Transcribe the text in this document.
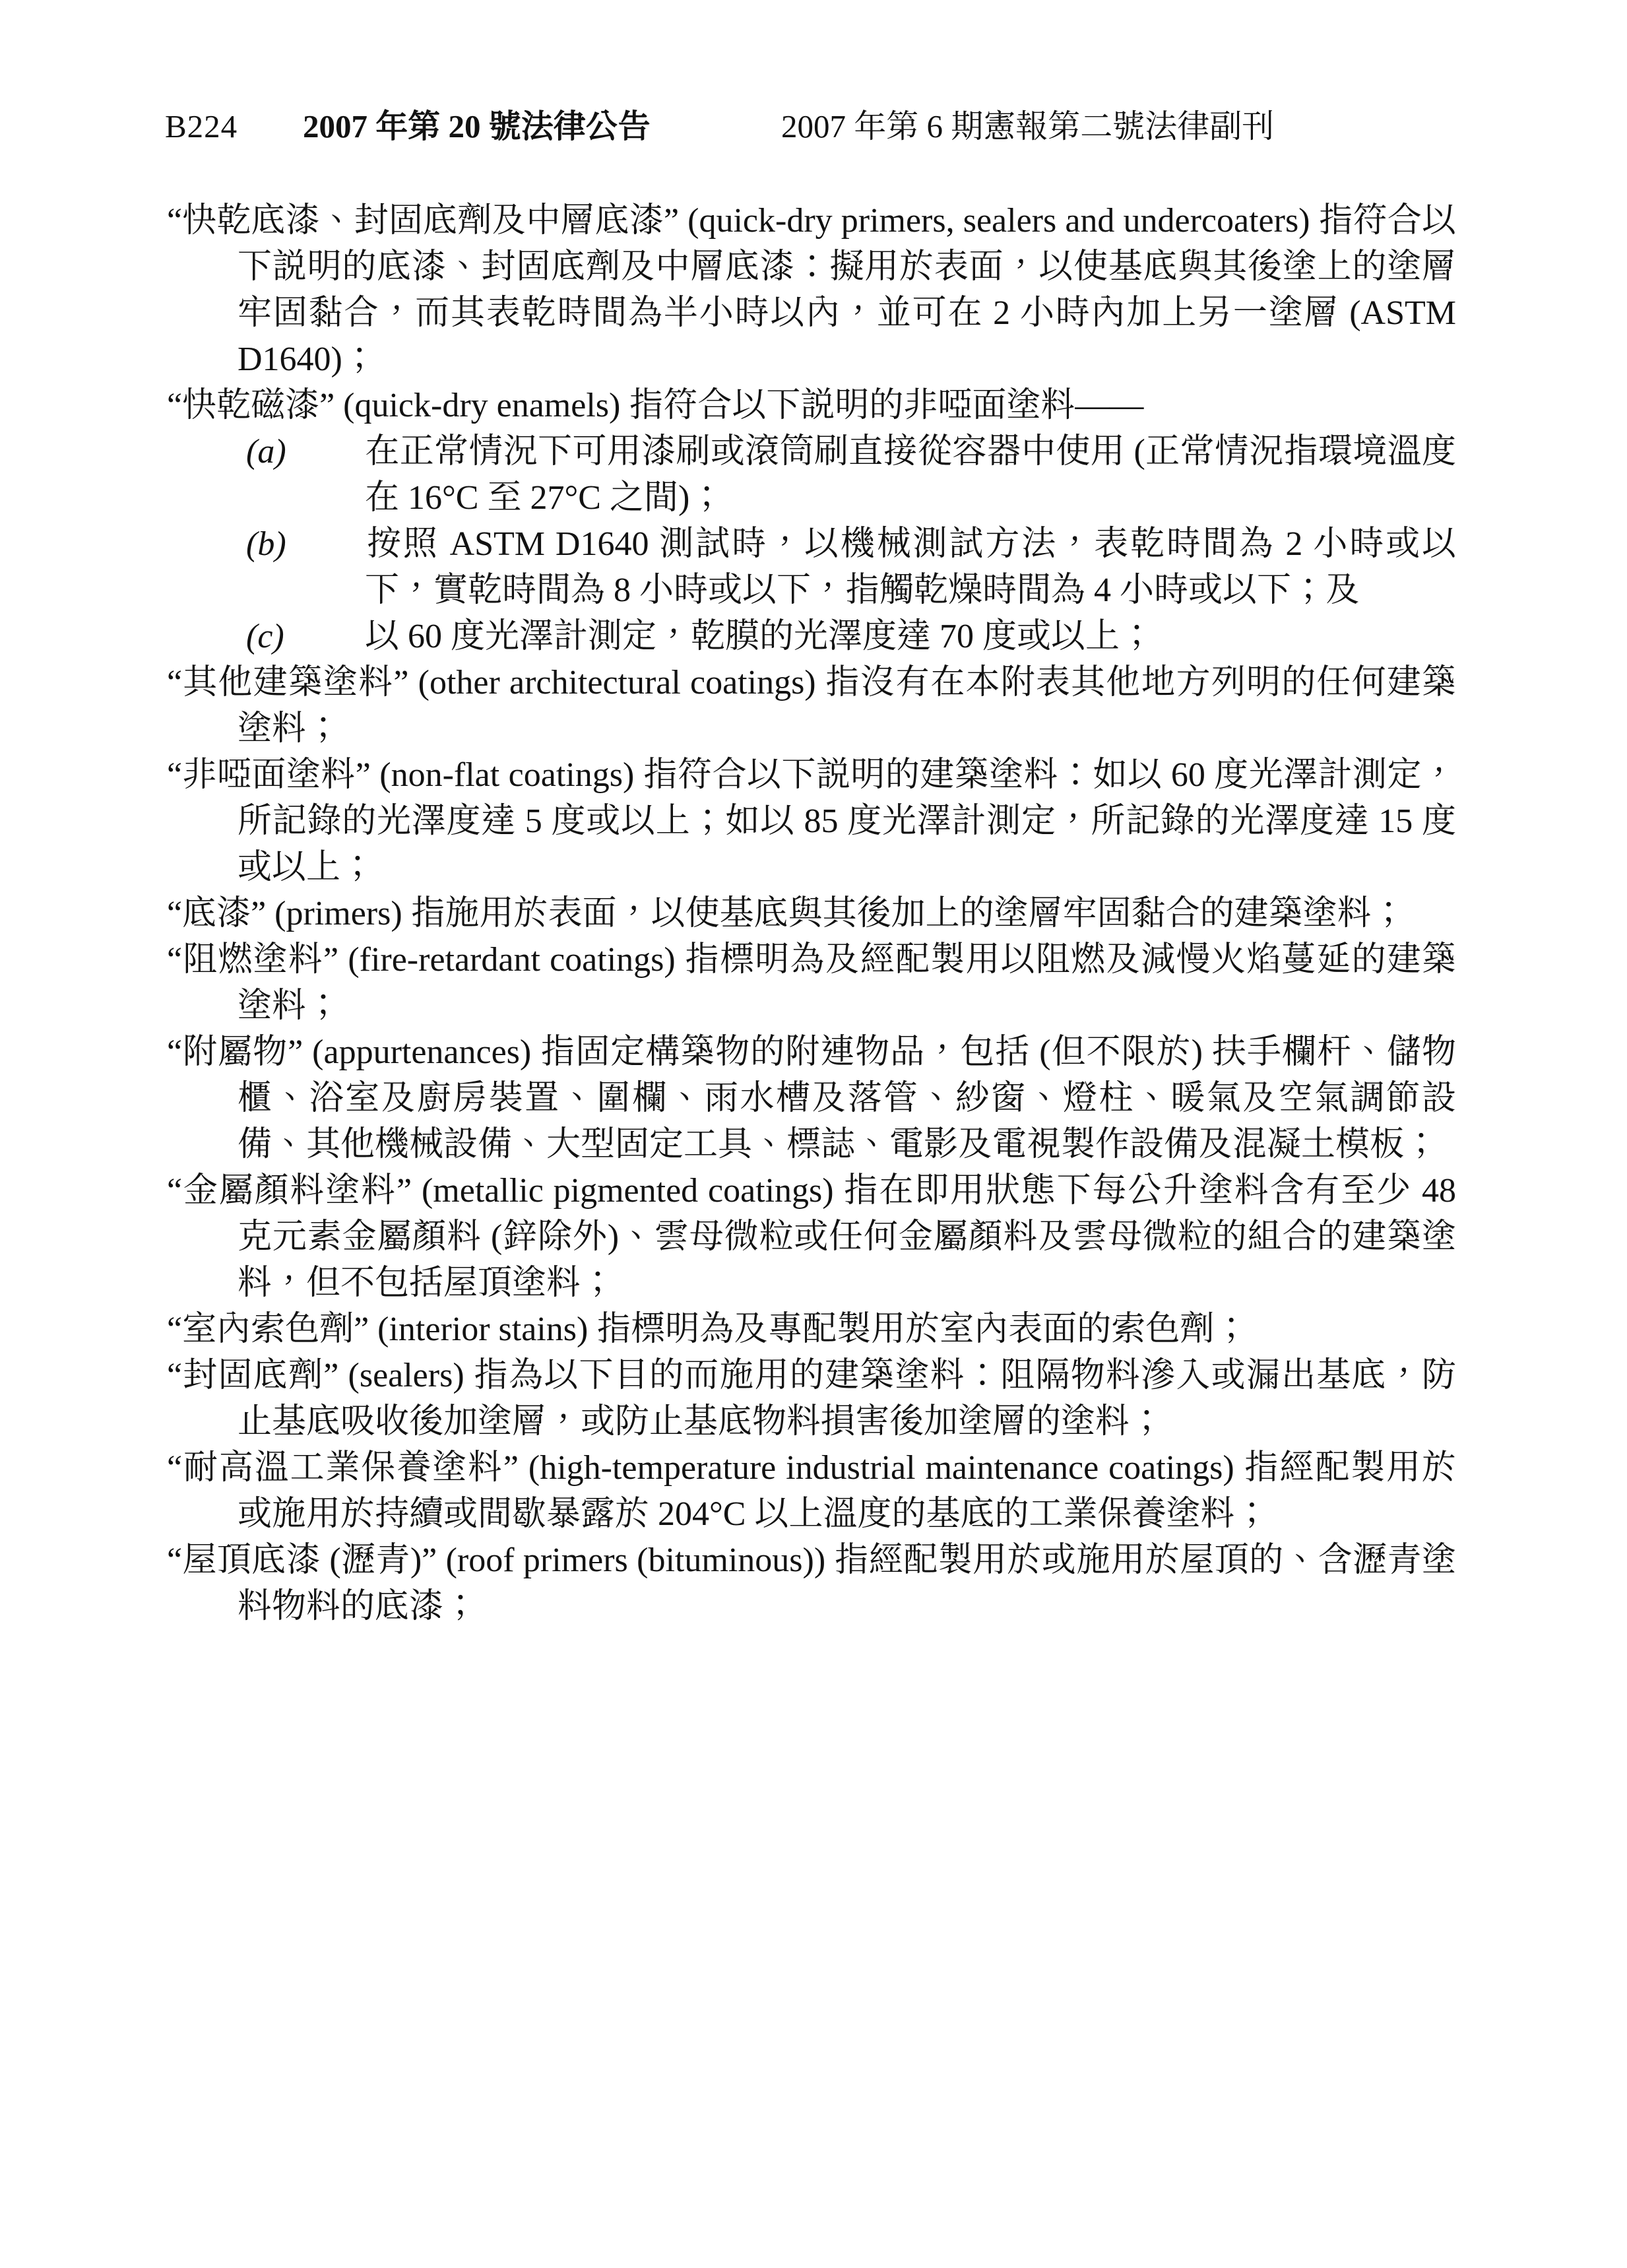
B224 2007 年第 20 號法律公告	2007 年第 6 期憲報第二號法律副刊
“快乾底漆、封固底劑及中層底漆” (quick-dry primers, sealers and undercoaters) 指符合以下説明的底漆、封固底劑及中層底漆：擬用於表面，以使基底與其後塗上的塗層牢固黏合，而其表乾時間為半小時以內，並可在 2 小時內加上另一塗層 (ASTM D1640)；
“快乾磁漆” (quick-dry enamels) 指符合以下説明的非啞面塗料——
(a) 在正常情況下可用漆刷或滾筒刷直接從容器中使用 (正常情況指環境溫度在 16°C 至 27°C 之間)；
(b) 按照 ASTM D1640 測試時，以機械測試方法，表乾時間為 2 小時或以下，實乾時間為 8 小時或以下，指觸乾燥時間為 4 小時或以下；及
(c) 以 60 度光澤計測定，乾膜的光澤度達 70 度或以上；
“其他建築塗料” (other architectural coatings) 指沒有在本附表其他地方列明的任何建築塗料；
“非啞面塗料” (non-flat coatings) 指符合以下説明的建築塗料：如以 60 度光澤計測定，所記錄的光澤度達 5 度或以上；如以 85 度光澤計測定，所記錄的光澤度達 15 度或以上；
“底漆” (primers) 指施用於表面，以使基底與其後加上的塗層牢固黏合的建築塗料；
“阻燃塗料” (fire-retardant coatings) 指標明為及經配製用以阻燃及減慢火焰蔓延的建築塗料；
“附屬物” (appurtenances) 指固定構築物的附連物品，包括 (但不限於) 扶手欄杆、儲物櫃、浴室及廚房裝置、圍欄、雨水槽及落管、紗窗、燈柱、暖氣及空氣調節設備、其他機械設備、大型固定工具、標誌、電影及電視製作設備及混凝土模板；
“金屬顏料塗料” (metallic pigmented coatings) 指在即用狀態下每公升塗料含有至少 48 克元素金屬顏料 (鋅除外)、雲母微粒或任何金屬顏料及雲母微粒的組合的建築塗料，但不包括屋頂塗料；
“室內索色劑” (interior stains) 指標明為及專配製用於室內表面的索色劑；
“封固底劑” (sealers) 指為以下目的而施用的建築塗料：阻隔物料滲入或漏出基底，防止基底吸收後加塗層，或防止基底物料損害後加塗層的塗料；
“耐高溫工業保養塗料” (high-temperature industrial maintenance coatings) 指經配製用於或施用於持續或間歇暴露於 204°C 以上溫度的基底的工業保養塗料；
“屋頂底漆 (瀝青)” (roof primers (bituminous)) 指經配製用於或施用於屋頂的、含瀝青塗料物料的底漆；
